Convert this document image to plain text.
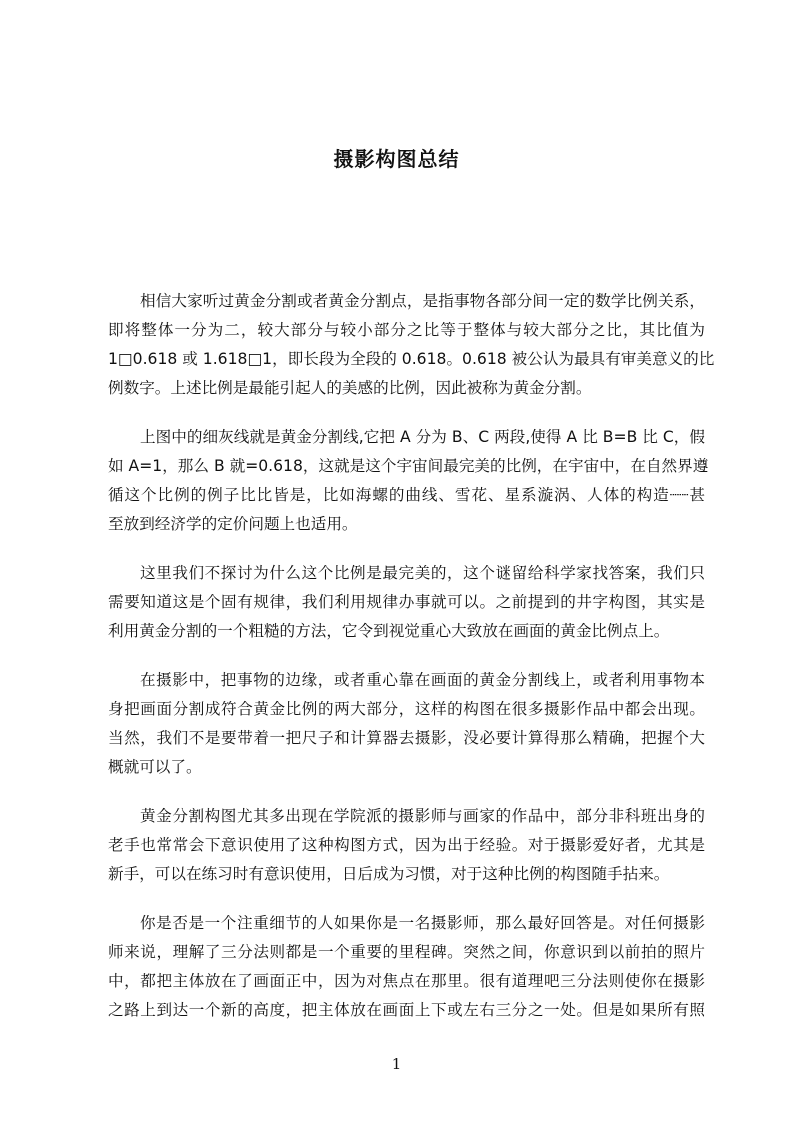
摄影构图总结
相信大家听过黄金分割或者黄金分割点，是指事物各部分间一定的数学比例关系，
即将整体一分为二，较大部分与较小部分之比等于整体与较大部分之比，其比值为
1□0.618 或 1.618□1，即长段为全段的 0.618。0.618 被公认为最具有审美意义的比
例数字。上述比例是最能引起人的美感的比例，因此被称为黄金分割。
上图中的细灰线就是黄金分割线,它把 A 分为 B、C 两段,使得 A 比 B=B 比 C，假
如 A=1，那么 B 就=0.618，这就是这个宇宙间最完美的比例，在宇宙中，在自然界遵
循这个比例的例子比比皆是，比如海螺的曲线、雪花、星系漩涡、人体的构造┈┈甚
至放到经济学的定价问题上也适用。
这里我们不探讨为什么这个比例是最完美的，这个谜留给科学家找答案，我们只
需要知道这是个固有规律，我们利用规律办事就可以。之前提到的井字构图，其实是
利用黄金分割的一个粗糙的方法，它令到视觉重心大致放在画面的黄金比例点上。
在摄影中，把事物的边缘，或者重心靠在画面的黄金分割线上，或者利用事物本
身把画面分割成符合黄金比例的两大部分，这样的构图在很多摄影作品中都会出现。
当然，我们不是要带着一把尺子和计算器去摄影，没必要计算得那么精确，把握个大
概就可以了。
黄金分割构图尤其多出现在学院派的摄影师与画家的作品中，部分非科班出身的
老手也常常会下意识使用了这种构图方式，因为出于经验。对于摄影爱好者，尤其是
新手，可以在练习时有意识使用，日后成为习惯，对于这种比例的构图随手拈来。
你是否是一个注重细节的人如果你是一名摄影师，那么最好回答是。对任何摄影
师来说，理解了三分法则都是一个重要的里程碑。突然之间，你意识到以前拍的照片
中，都把主体放在了画面正中，因为对焦点在那里。很有道理吧三分法则使你在摄影
之路上到达一个新的高度，把主体放在画面上下或左右三分之一处。但是如果所有照
1
